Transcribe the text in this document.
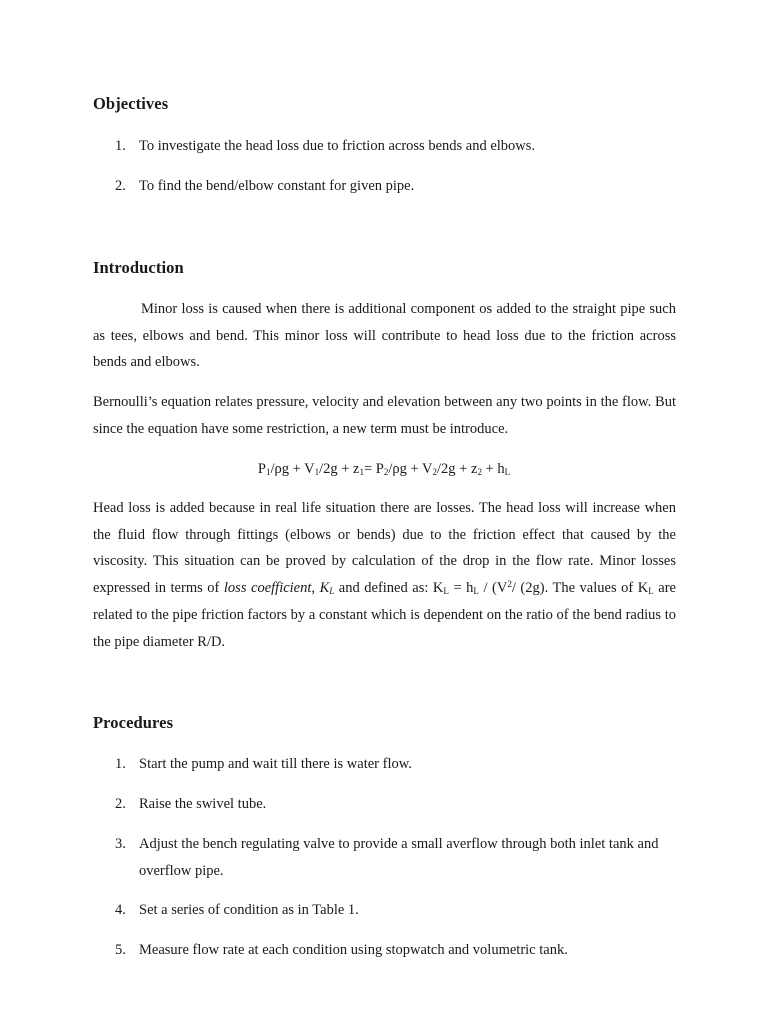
Objectives
1. To investigate the head loss due to friction across bends and elbows.
2. To find the bend/elbow constant for given pipe.
Introduction

Minor loss is caused when there is additional component os added to the straight pipe such as tees, elbows and bend. This minor loss will contribute to head loss due to the friction across bends and elbows.

Bernoulli’s equation relates pressure, velocity and elevation between any two points in the flow. But since the equation have some restriction, a new term must be introduce.

P1/ρg + V1/2g + z1= P2/ρg + V2/2g + z2 + hL

Head loss is added because in real life situation there are losses. The head loss will increase when the fluid flow through fittings (elbows or bends) due to the friction effect that caused by the viscosity. This situation can be proved by calculation of the drop in the flow rate. Minor losses expressed in terms of loss coefficient, KL and defined as: KL = hL / ($V^2/$ (2g). The values of KL are related to the pipe friction factors by a constant which is dependent on the ratio of the bend radius to the pipe diameter R/D.

Procedures
1. Start the pump and wait till there is water flow.
2. Raise the swivel tube.
3. Adjust the bench regulating valve to provide a small averflow through both inlet tank and overflow pipe.
4. Set a series of condition as in Table 1.
5. Measure flow rate at each condition using stopwatch and volumetric tank.
